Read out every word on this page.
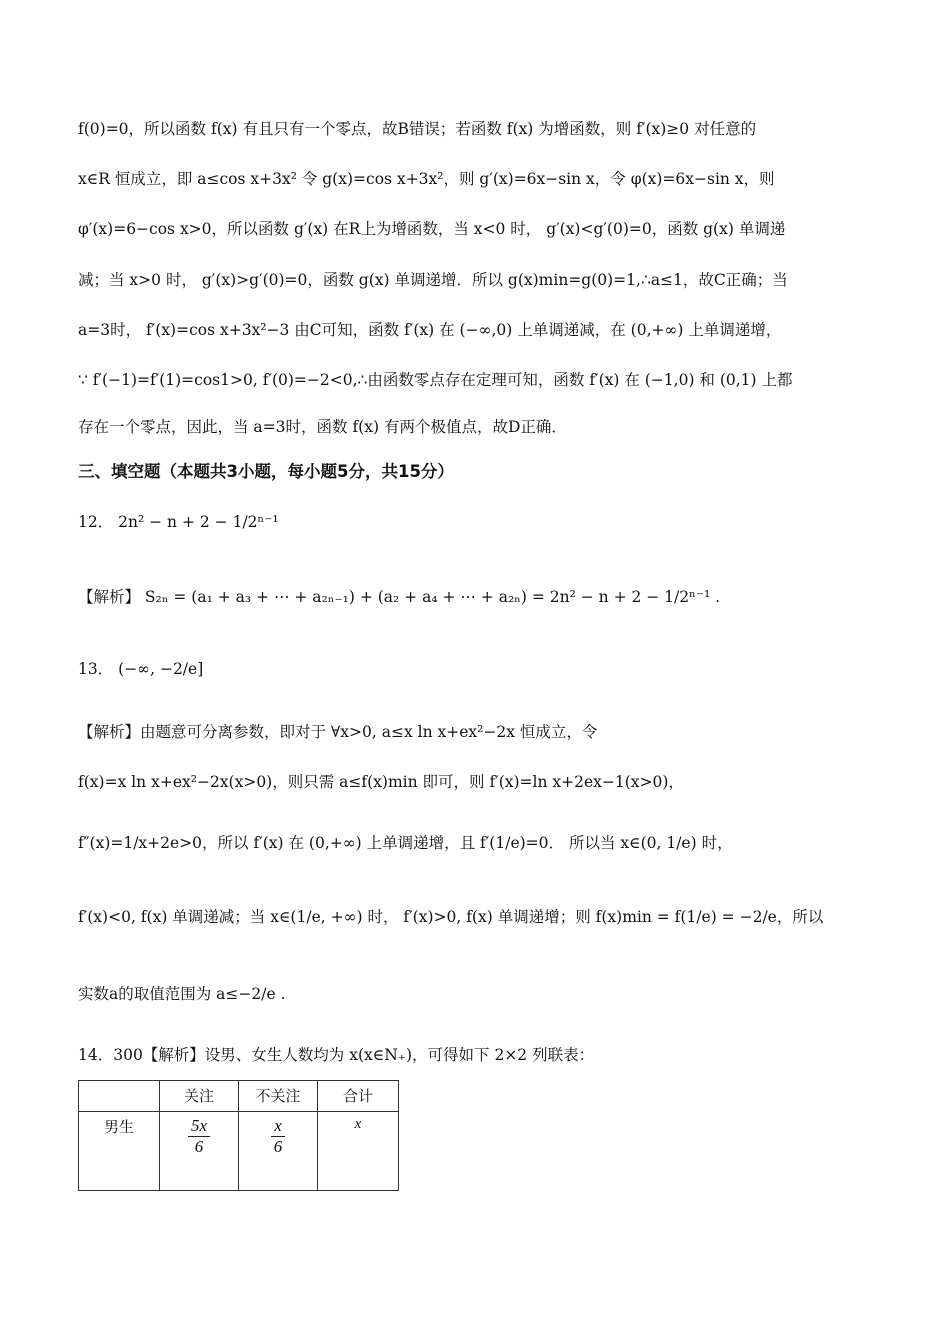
f(0)=0，所以函数 f(x) 有且只有一个零点，故B错误；若函数 f(x) 为增函数，则 f′(x)≥0 对任意的
x∈R 恒成立，即 a≤cos x+3x² 令 g(x)=cos x+3x²，则 g′(x)=6x−sin x，令 φ(x)=6x−sin x，则
φ′(x)=6−cos x>0，所以函数 g′(x) 在R上为增函数，当 x<0 时， g′(x)<g′(0)=0，函数 g(x) 单调递
减；当 x>0 时， g′(x)>g′(0)=0，函数 g(x) 单调递增．所以 g(x)min=g(0)=1,∴a≤1，故C正确；当
a=3时， f′(x)=cos x+3x²−3 由C可知，函数 f′(x) 在 (−∞,0) 上单调递减，在 (0,+∞) 上单调递增，
∵ f′(−1)=f′(1)=cos1>0, f′(0)=−2<0,∴由函数零点存在定理可知，函数 f′(x) 在 (−1,0) 和 (0,1) 上都
存在一个零点，因此，当 a=3时，函数 f(x) 有两个极值点，故D正确．
三、填空题（本题共3小题，每小题5分，共15分）
12． 2n² − n + 2 − 1/2ⁿ⁻¹
【解析】 S₂ₙ = (a₁ + a₃ + ⋯ + a₂ₙ₋₁) + (a₂ + a₄ + ⋯ + a₂ₙ) = 2n² − n + 2 − 1/2ⁿ⁻¹ .
13． (−∞, −2/e]
【解析】由题意可分离参数，即对于 ∀x>0, a≤x ln x+ex²−2x 恒成立，令
f(x)=x ln x+ex²−2x(x>0)，则只需 a≤f(x)min 即可，则 f′(x)=ln x+2ex−1(x>0)，
f″(x)=1/x+2e>0，所以 f′(x) 在 (0,+∞) 上单调递增，且 f′(1/e)=0． 所以当 x∈(0, 1/e) 时，
f′(x)<0, f(x) 单调递减；当 x∈(1/e, +∞) 时， f′(x)>0, f(x) 单调递增；则 f(x)min = f(1/e) = −2/e，所以
实数a的取值范围为 a≤−2/e .
14．300【解析】设男、女生人数均为 x(x∈N₊)，可得如下 2×2 列联表：
	关注	不关注	合计
男生	$\frac{5x}{6}$	$\frac{x}{6}$	x
